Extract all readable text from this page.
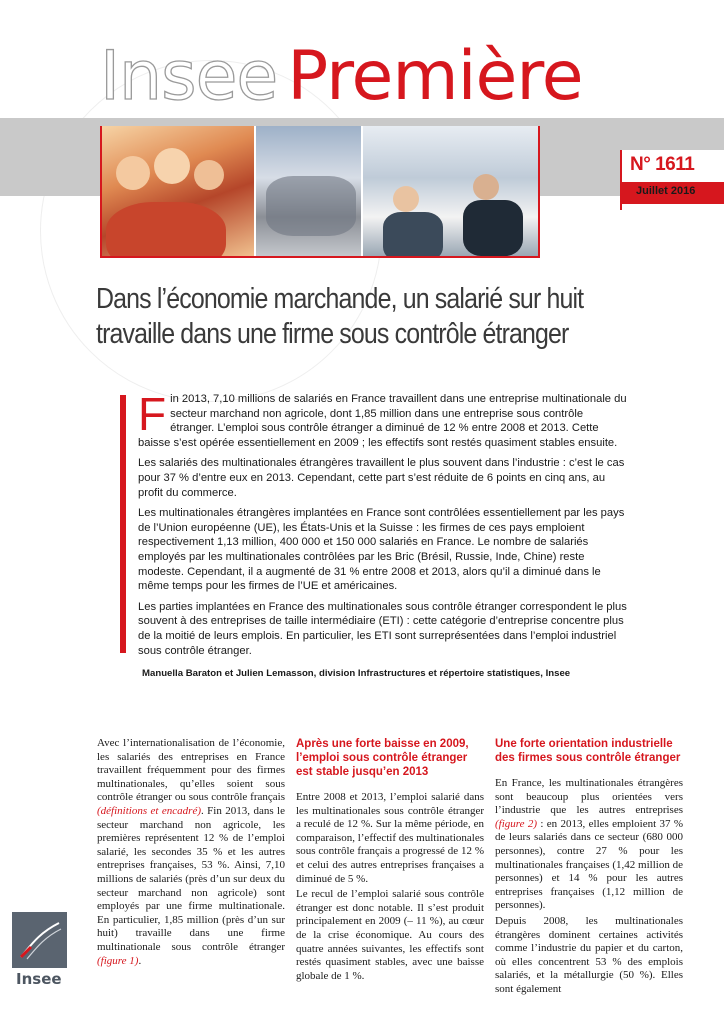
Insee Première
N° 1611
Juillet 2016
Dans l’économie marchande, un salarié sur huit
travaille dans une firme sous contrôle étranger

Fin 2013, 7,10 millions de salariés en France travaillent dans une entreprise multinationale du secteur marchand non agricole, dont 1,85 million dans une entreprise sous contrôle étranger. L’emploi sous contrôle étranger a diminué de 12 % entre 2008 et 2013. Cette baisse s’est opérée essentiellement en 2009 ; les effectifs sont restés quasiment stables ensuite.

Les salariés des multinationales étrangères travaillent le plus souvent dans l’industrie : c’est le cas pour 37 % d’entre eux en 2013. Cependant, cette part s’est réduite de 6 points en cinq ans, au profit du commerce.

Les multinationales étrangères implantées en France sont contrôlées essentiellement par les pays de l’Union européenne (UE), les États-Unis et la Suisse : les firmes de ces pays emploient respectivement 1,13 million, 400 000 et 150 000 salariés en France. Le nombre de salariés employés par les multinationales contrôlées par les Bric (Brésil, Russie, Inde, Chine) reste modeste. Cependant, il a augmenté de 31 % entre 2008 et 2013, alors qu’il a diminué dans le même temps pour les firmes de l’UE et américaines.

Les parties implantées en France des multinationales sous contrôle étranger correspondent le plus souvent à des entreprises de taille intermédiaire (ETI) : cette catégorie d’entreprise concentre plus de la moitié de leurs emplois. En particulier, les ETI sont surreprésentées dans l’emploi industriel sous contrôle étranger.

Manuella Baraton et Julien Lemasson, division Infrastructures et répertoire statistiques, Insee

Avec l’internationalisation de l’économie, les salariés des entreprises en France travaillent fréquemment pour des firmes multinationales, qu’elles soient sous contrôle étranger ou sous contrôle français (définitions et encadré). Fin 2013, dans le secteur marchand non agricole, les premières représentent 12 % de l’emploi salarié, les secondes 35 % et les autres entreprises françaises, 53 %. Ainsi, 7,10 millions de salariés (près d’un sur deux du secteur marchand non agricole) sont employés par une firme multinationale. En particulier, 1,85 million (près d’un sur huit) travaille dans une firme multinationale sous contrôle étranger (figure 1).

Après une forte baisse en 2009, l’emploi sous contrôle étranger est stable jusqu’en 2013

Entre 2008 et 2013, l’emploi salarié dans les multinationales sous contrôle étranger a reculé de 12 %. Sur la même période, en comparaison, l’effectif des multinationales sous contrôle français a progressé de 12 % et celui des autres entreprises françaises a diminué de 5 %.

Le recul de l’emploi salarié sous contrôle étranger est donc notable. Il s’est produit principalement en 2009 (– 11 %), au cœur de la crise économique. Au cours des quatre années suivantes, les effectifs sont restés quasiment stables, avec une baisse globale de 1 %.

Une forte orientation industrielle des firmes sous contrôle étranger

En France, les multinationales étrangères sont beaucoup plus orientées vers l’industrie que les autres entreprises (figure 2) : en 2013, elles emploient 37 % de leurs salariés dans ce secteur (680 000 personnes), contre 27 % pour les multinationales françaises (1,42 million de personnes) et 14 % pour les autres entreprises françaises (1,12 million de personnes).

Depuis 2008, les multinationales étrangères dominent certaines activités comme l’industrie du papier et du carton, où elles concentrent 53 % des emplois salariés, et la métallurgie (50 %). Elles sont également

Insee
